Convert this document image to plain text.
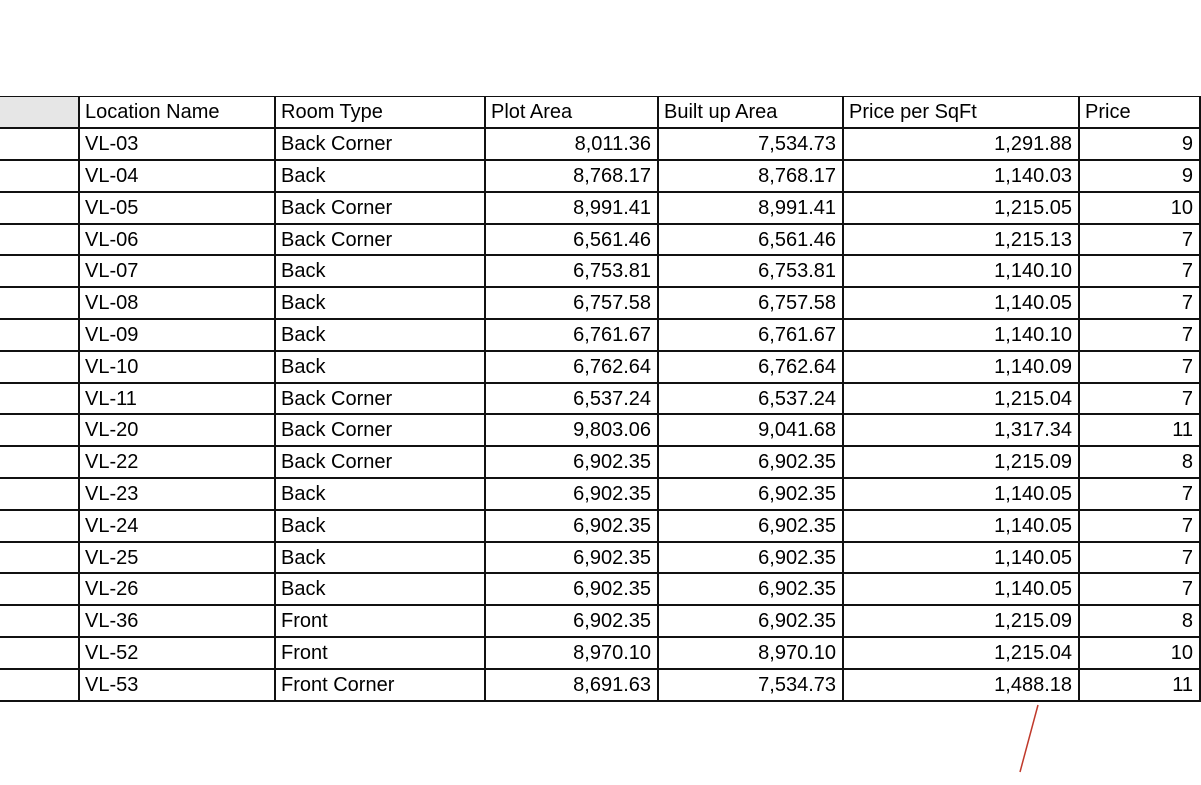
	Location Name	Room Type	Plot Area	Built up Area	Price per SqFt	Price
	VL-03	Back Corner	8,011.36	7,534.73	1,291.88	9
	VL-04	Back	8,768.17	8,768.17	1,140.03	9
	VL-05	Back Corner	8,991.41	8,991.41	1,215.05	10
	VL-06	Back Corner	6,561.46	6,561.46	1,215.13	7
	VL-07	Back	6,753.81	6,753.81	1,140.10	7
	VL-08	Back	6,757.58	6,757.58	1,140.05	7
	VL-09	Back	6,761.67	6,761.67	1,140.10	7
	VL-10	Back	6,762.64	6,762.64	1,140.09	7
	VL-11	Back Corner	6,537.24	6,537.24	1,215.04	7
	VL-20	Back Corner	9,803.06	9,041.68	1,317.34	11
	VL-22	Back Corner	6,902.35	6,902.35	1,215.09	8
	VL-23	Back	6,902.35	6,902.35	1,140.05	7
	VL-24	Back	6,902.35	6,902.35	1,140.05	7
	VL-25	Back	6,902.35	6,902.35	1,140.05	7
	VL-26	Back	6,902.35	6,902.35	1,140.05	7
	VL-36	Front	6,902.35	6,902.35	1,215.09	8
	VL-52	Front	8,970.10	8,970.10	1,215.04	10
	VL-53	Front Corner	8,691.63	7,534.73	1,488.18	11
